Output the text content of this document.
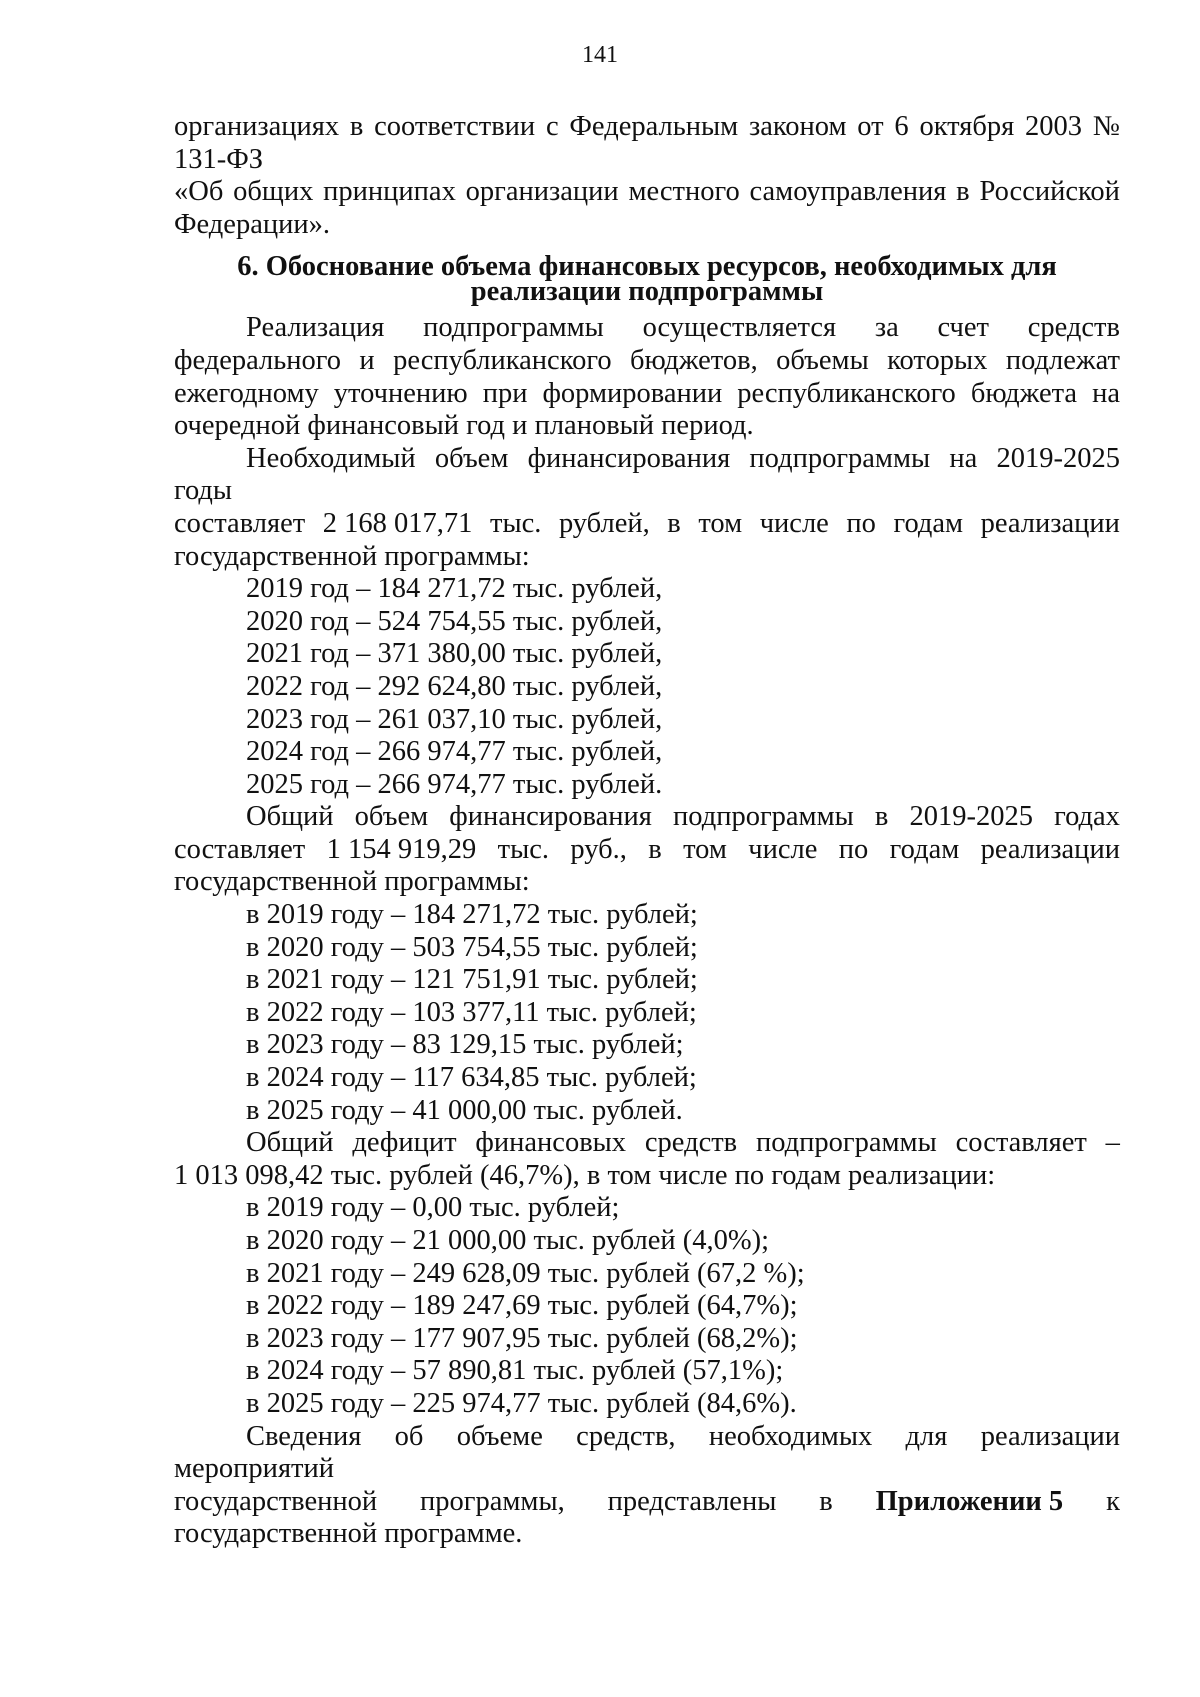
141

организациях в соответствии с Федеральным законом от 6 октября 2003 № 131-ФЗ

«Об общих принципах организации местного самоуправления в Российской

Федерации».

6. Обоснование объема финансовых ресурсов, необходимых для

реализации подпрограммы

Реализация подпрограммы осуществляется за счет средств
федерального и республиканского бюджетов, объемы которых подлежат
ежегодному уточнению при формировании республиканского бюджета на

очередной финансовый год и плановый период.

Необходимый объем финансирования подпрограммы на 2019-2025 годы

составляет 2 168 017,71 тыс. рублей, в том числе по годам реализации

государственной программы:

2019 год – 184 271,72 тыс. рублей,
2020 год – 524 754,55 тыс. рублей,
2021 год – 371 380,00 тыс. рублей,
2022 год – 292 624,80 тыс. рублей,
2023 год – 261 037,10 тыс. рублей,
2024 год – 266 974,77 тыс. рублей,
2025 год – 266 974,77 тыс. рублей.
Общий объем финансирования подпрограммы в 2019-2025 годах
составляет 1 154 919,29 тыс. руб., в том числе по годам реализации

государственной программы:

в 2019 году – 184 271,72 тыс. рублей;
в 2020 году – 503 754,55 тыс. рублей;
в 2021 году – 121 751,91 тыс. рублей;
в 2022 году – 103 377,11 тыс. рублей;
в 2023 году – 83 129,15 тыс. рублей;
в 2024 году – 117 634,85 тыс. рублей;
в 2025 году – 41 000,00 тыс. рублей.
Общий дефицит финансовых средств подпрограммы составляет –

1 013 098,42 тыс. рублей (46,7%), в том числе по годам реализации:

в 2019 году – 0,00 тыс. рублей;
в 2020 году – 21 000,00 тыс. рублей (4,0%);
в 2021 году – 249 628,09 тыс. рублей (67,2 %);
в 2022 году – 189 247,69 тыс. рублей (64,7%);
в 2023 году – 177 907,95 тыс. рублей (68,2%);
в 2024 году – 57 890,81 тыс. рублей (57,1%);
в 2025 году – 225 974,77 тыс. рублей (84,6%).

Сведения об объеме средств, необходимых для реализации мероприятий

государственной программы, представлены в Приложении 5 к

государственной программе.
